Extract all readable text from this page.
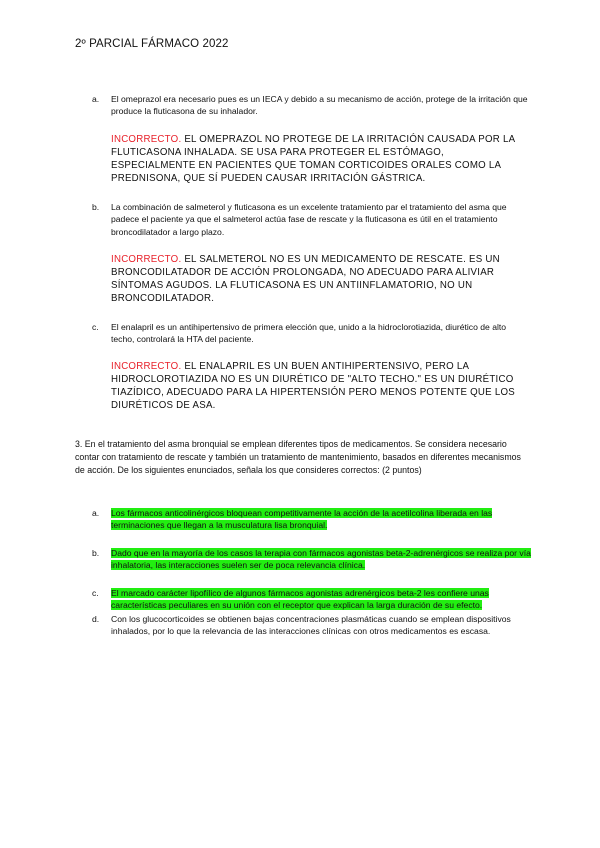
2º PARCIAL FÁRMACO 2022
a. El omeprazol era necesario pues es un IECA y debido a su mecanismo de acción, protege de la irritación que produce la fluticasona de su inhalador.
INCORRECTO. EL OMEPRAZOL NO PROTEGE DE LA IRRITACIÓN CAUSADA POR LA FLUTICASONA INHALADA. SE USA PARA PROTEGER EL ESTÓMAGO, ESPECIALMENTE EN PACIENTES QUE TOMAN CORTICOIDES ORALES COMO LA PREDNISONA, QUE SÍ PUEDEN CAUSAR IRRITACIÓN GÁSTRICA.
b. La combinación de salmeterol y fluticasona es un excelente tratamiento par el tratamiento del asma que padece el paciente ya que el salmeterol actúa fase de rescate y la fluticasona es útil en el tratamiento broncodilatador a largo plazo.
INCORRECTO. EL SALMETEROL NO ES UN MEDICAMENTO DE RESCATE. ES UN BRONCODILATADOR DE ACCIÓN PROLONGADA, NO ADECUADO PARA ALIVIAR SÍNTOMAS AGUDOS. LA FLUTICASONA ES UN ANTIINFLAMATORIO, NO UN BRONCODILATADOR.
c. El enalapril es un antihipertensivo de primera elección que, unido a la hidroclorotiazida, diurético de alto techo, controlará la HTA del paciente.
INCORRECTO. EL ENALAPRIL ES UN BUEN ANTIHIPERTENSIVO, PERO LA HIDROCLOROTIAZIDA NO ES UN DIURÉTICO DE "ALTO TECHO." ES UN DIURÉTICO TIAZÍDICO, ADECUADO PARA LA HIPERTENSIÓN PERO MENOS POTENTE QUE LOS DIURÉTICOS DE ASA.
3. En el tratamiento del asma bronquial se emplean diferentes tipos de medicamentos. Se considera necesario contar con tratamiento de rescate y también un tratamiento de mantenimiento, basados en diferentes mecanismos de acción. De los siguientes enunciados, señala los que consideres correctos: (2 puntos)
a. Los fármacos anticolinérgicos bloquean competitivamente la acción de la acetilcolina liberada en las terminaciones que llegan a la musculatura lisa bronquial.
b. Dado que en la mayoría de los casos la terapia con fármacos agonistas beta-2-adrenérgicos se realiza por vía inhalatoria, las interacciones suelen ser de poca relevancia clínica.
c. El marcado carácter lipofílico de algunos fármacos agonistas adrenérgicos beta-2 les confiere unas características peculiares en su unión con el receptor que explican la larga duración de su efecto.
d. Con los glucocorticoides se obtienen bajas concentraciones plasmáticas cuando se emplean dispositivos inhalados, por lo que la relevancia de las interacciones clínicas con otros medicamentos es escasa.
